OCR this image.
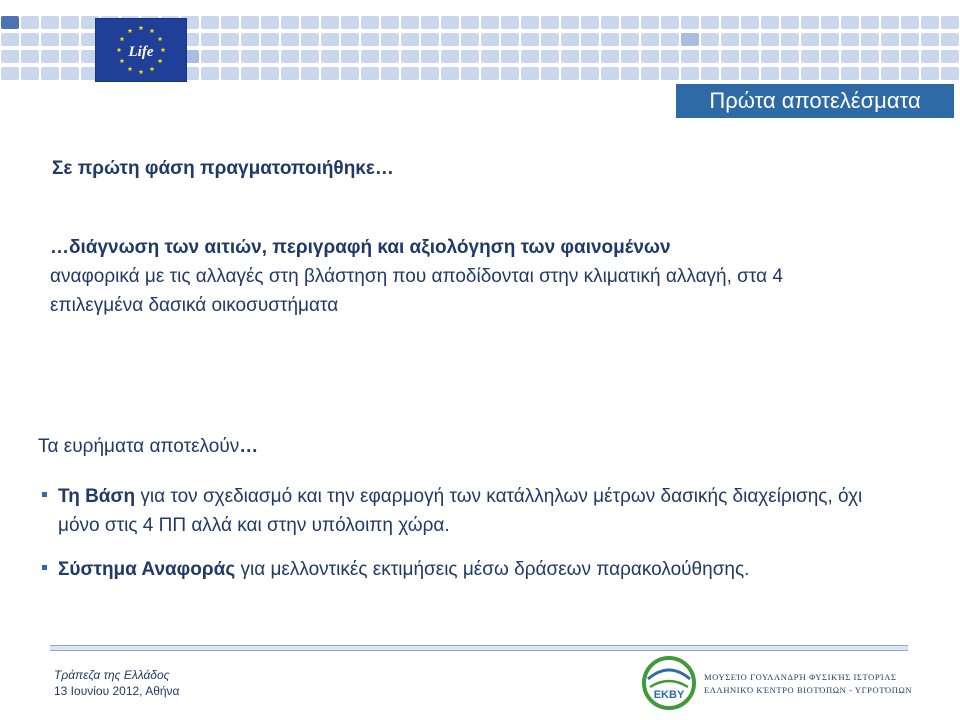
Life
Πρώτα αποτελέσματα

Σε πρώτη φάση πραγματοποιήθηκε…

…διάγνωση των αιτιών, περιγραφή και αξιολόγηση των φαινομένων
αναφορικά με τις αλλαγές στη βλάστηση που αποδίδονται στην κλιματική αλλαγή, στα 4 επιλεγμένα δασικά οικοσυστήματα

Τα ευρήματα αποτελούν…

Τη Βάση για τον σχεδιασμό και την εφαρμογή των κατάλληλων μέτρων δασικής διαχείρισης, όχι μόνο στις 4 ΠΠ αλλά και στην υπόλοιπη χώρα.
Σύστημα Αναφοράς για μελλοντικές εκτιμήσεις μέσω δράσεων παρακολούθησης.
Τράπεζα της Ελλάδος
13 Ιουνίου 2012, Αθήνα	EKBY
ΜΟΥΣΕΊΟ ΓΟΥΛΑΝΔΡΉ ΦΥΣΙΚΉΣ ΙΣΤΟΡΊΑΣ
ΕΛΛΗΝΙΚΌ ΚΈΝΤΡΟ ΒΙΟΤΌΠΩΝ - ΥΓΡΟΤΌΠΩΝ
